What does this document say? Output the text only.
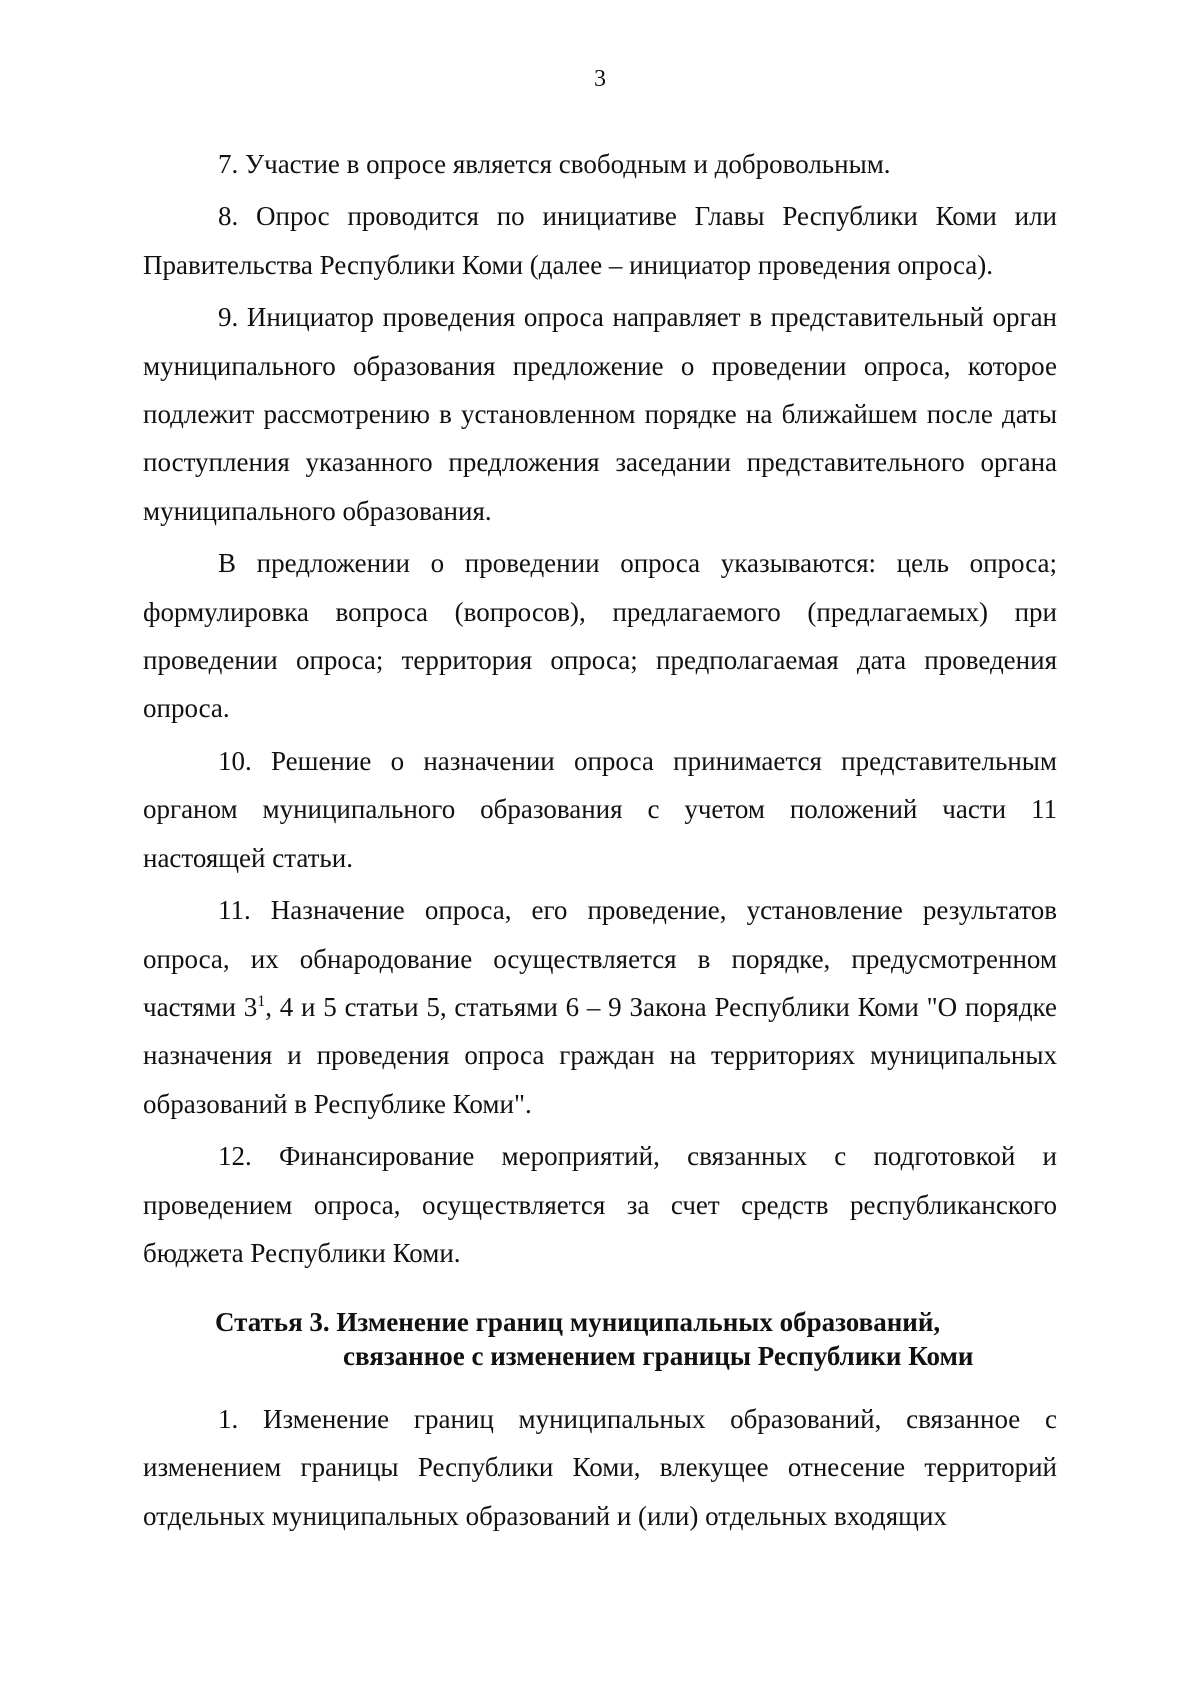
3

7. Участие в опросе является свободным и добровольным.

8. Опрос проводится по инициативе Главы Республики Коми или Правительства Республики Коми (далее – инициатор проведения опроса).

9. Инициатор проведения опроса направляет в представительный орган муниципального образования предложение о проведении опроса, которое подлежит рассмотрению в установленном порядке на ближайшем после даты поступления указанного предложения заседании представительного органа муниципального образования.

В предложении о проведении опроса указываются: цель опроса; формулировка вопроса (вопросов), предлагаемого (предлагаемых) при проведении опроса; территория опроса; предполагаемая дата проведения опроса.

10. Решение о назначении опроса принимается представительным органом муниципального образования с учетом положений части 11 настоящей статьи.

11. Назначение опроса, его проведение, установление результатов опроса, их обнародование осуществляется в порядке, предусмотренном частями $3^1$, 4 и 5 статьи 5, статьями 6 – 9 Закона Республики Коми "О порядке назначения и проведения опроса граждан на территориях муниципальных образований в Республике Коми".

12. Финансирование мероприятий, связанных с подготовкой и проведением опроса, осуществляется за счет средств республиканского бюджета Республики Коми.

Статья 3. Изменение границ муниципальных образований,
связанное с изменением границы Республики Коми

1. Изменение границ муниципальных образований, связанное с изменением границы Республики Коми, влекущее отнесение территорий отдельных муниципальных образований и (или) отдельных входящих
